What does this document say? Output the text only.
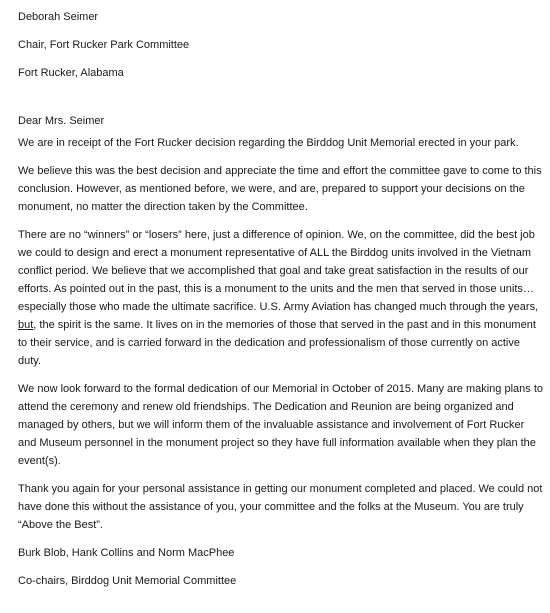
Deborah Seimer
Chair, Fort Rucker Park Committee
Fort Rucker, Alabama
Dear Mrs. Seimer
We are in receipt of the Fort Rucker decision regarding the Birddog Unit Memorial erected in your park.
We believe this was the best decision and appreciate the time and effort the committee gave to come to this conclusion. However, as mentioned before, we were, and are, prepared to support your decisions on the monument, no matter the direction taken by the Committee.
There are no “winners” or “losers” here, just a difference of opinion. We, on the committee, did the best job we could to design and erect a monument representative of ALL the Birddog units involved in the Vietnam conflict period. We believe that we accomplished that goal and take great satisfaction in the results of our efforts. As pointed out in the past, this is a monument to the units and the men that served in those units…especially those who made the ultimate sacrifice. U.S. Army Aviation has changed much through the years, but, the spirit is the same. It lives on in the memories of those that served in the past and in this monument to their service, and is carried forward in the dedication and professionalism of those currently on active duty.
We now look forward to the formal dedication of our Memorial in October of 2015. Many are making plans to attend the ceremony and renew old friendships. The Dedication and Reunion are being organized and managed by others, but we will inform them of the invaluable assistance and involvement of Fort Rucker and Museum personnel in the monument project so they have full information available when they plan the event(s).
Thank you again for your personal assistance in getting our monument completed and placed. We could not have done this without the assistance of you, your committee and the folks at the Museum. You are truly “Above the Best”.
Burk Blob, Hank Collins and Norm MacPhee
Co-chairs, Birddog Unit Memorial Committee
